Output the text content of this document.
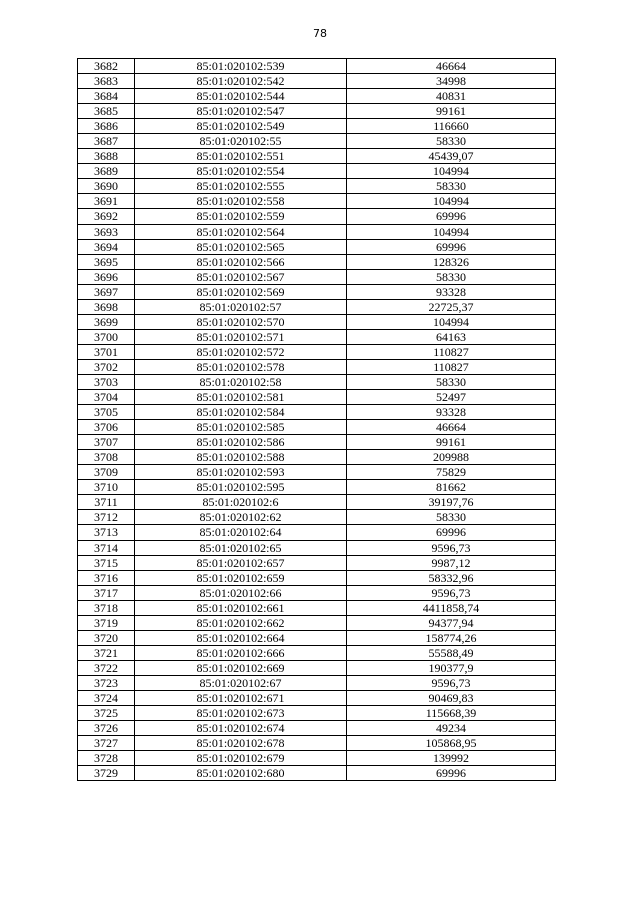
78
3682	85:01:020102:539	46664
3683	85:01:020102:542	34998
3684	85:01:020102:544	40831
3685	85:01:020102:547	99161
3686	85:01:020102:549	116660
3687	85:01:020102:55	58330
3688	85:01:020102:551	45439,07
3689	85:01:020102:554	104994
3690	85:01:020102:555	58330
3691	85:01:020102:558	104994
3692	85:01:020102:559	69996
3693	85:01:020102:564	104994
3694	85:01:020102:565	69996
3695	85:01:020102:566	128326
3696	85:01:020102:567	58330
3697	85:01:020102:569	93328
3698	85:01:020102:57	22725,37
3699	85:01:020102:570	104994
3700	85:01:020102:571	64163
3701	85:01:020102:572	110827
3702	85:01:020102:578	110827
3703	85:01:020102:58	58330
3704	85:01:020102:581	52497
3705	85:01:020102:584	93328
3706	85:01:020102:585	46664
3707	85:01:020102:586	99161
3708	85:01:020102:588	209988
3709	85:01:020102:593	75829
3710	85:01:020102:595	81662
3711	85:01:020102:6	39197,76
3712	85:01:020102:62	58330
3713	85:01:020102:64	69996
3714	85:01:020102:65	9596,73
3715	85:01:020102:657	9987,12
3716	85:01:020102:659	58332,96
3717	85:01:020102:66	9596,73
3718	85:01:020102:661	4411858,74
3719	85:01:020102:662	94377,94
3720	85:01:020102:664	158774,26
3721	85:01:020102:666	55588,49
3722	85:01:020102:669	190377,9
3723	85:01:020102:67	9596,73
3724	85:01:020102:671	90469,83
3725	85:01:020102:673	115668,39
3726	85:01:020102:674	49234
3727	85:01:020102:678	105868,95
3728	85:01:020102:679	139992
3729	85:01:020102:680	69996
